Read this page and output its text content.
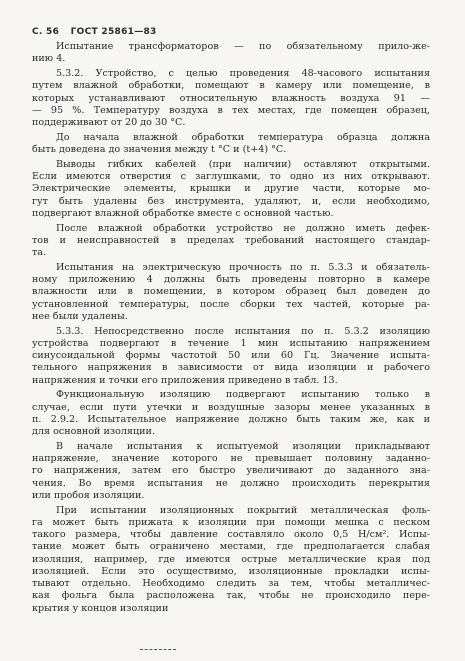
С. 56 ГОСТ 25861—83
Испытание трансформаторов — по обязательному прило-же-
нию 4.
5.3.2. Устройство, с целью проведения 48-часового испытания
путем влажной обработки, помещают в камеру или помещение, в
которых устанавливают относительную влажность воздуха 91 —
— 95 %. Температуру воздуха в тех местах, где помещен образец,
поддерживают от 20 до 30 °С.
До начала влажной обработки температура образца должна
быть доведена до значения между t °С и (t+4) °С.
Выводы гибких кабелей (при наличии) оставляют открытыми.
Если имеются отверстия с заглушками, то одно из них открывают.
Электрические элементы, крышки и другие части, которые мо-
гут быть удалены без инструмента, удаляют, и, если необходимо,
подвергают влажной обработке вместе с основной частью.
После влажной обработки устройство не должно иметь дефек-
тов и неисправностей в пределах требований настоящего стандар-
та.
Испытания на электрическую прочность по п. 5.3.3 и обязатель-
ному приложению 4 должны быть проведены повторно в камере
влажности или в помещении, в котором образец был доведен до
установленной температуры, после сборки тех частей, которые ра-
нее были удалены.
5.3.3. Непосредственно после испытания по п. 5.3.2 изоляцию
устройства подвергают в течение 1 мин испытанию напряжением
синусоидальной формы частотой 50 или 60 Гц. Значение испыта-
тельного напряжения в зависимости от вида изоляции и рабочего
напряжения и точки его приложения приведено в табл. 13.
Функциональную изоляцию подвергают испытанию только в
случае, если пути утечки и воздушные зазоры менее указанных в
п. 2.9.2. Испытательное напряжение должно быть таким же, как и
для основной изоляции.
В начале испытания к испытуемой изоляции прикладывают
напряжение, значение которого не превышает половину заданно-
го напряжения, затем его быстро увеличивают до заданного зна-
чения. Во время испытания не должно происходить перекрытия
или пробоя изоляции.
При испытании изоляционных покрытий металлическая фоль-
га может быть прижата к изоляции при помощи мешка с песком
такого размера, чтобы давление составляло около 0,5 Н/см². Испы-
тание может быть ограничено местами, где предполагается слабая
изоляция, например, где имеются острые металлические края под
изоляцией. Если это осуществимо, изоляционные прокладки испы-
тывают отдельно. Необходимо следить за тем, чтобы металличес-
кая фольга была расположена так, чтобы не происходило пере-
крытия у концов изоляции
